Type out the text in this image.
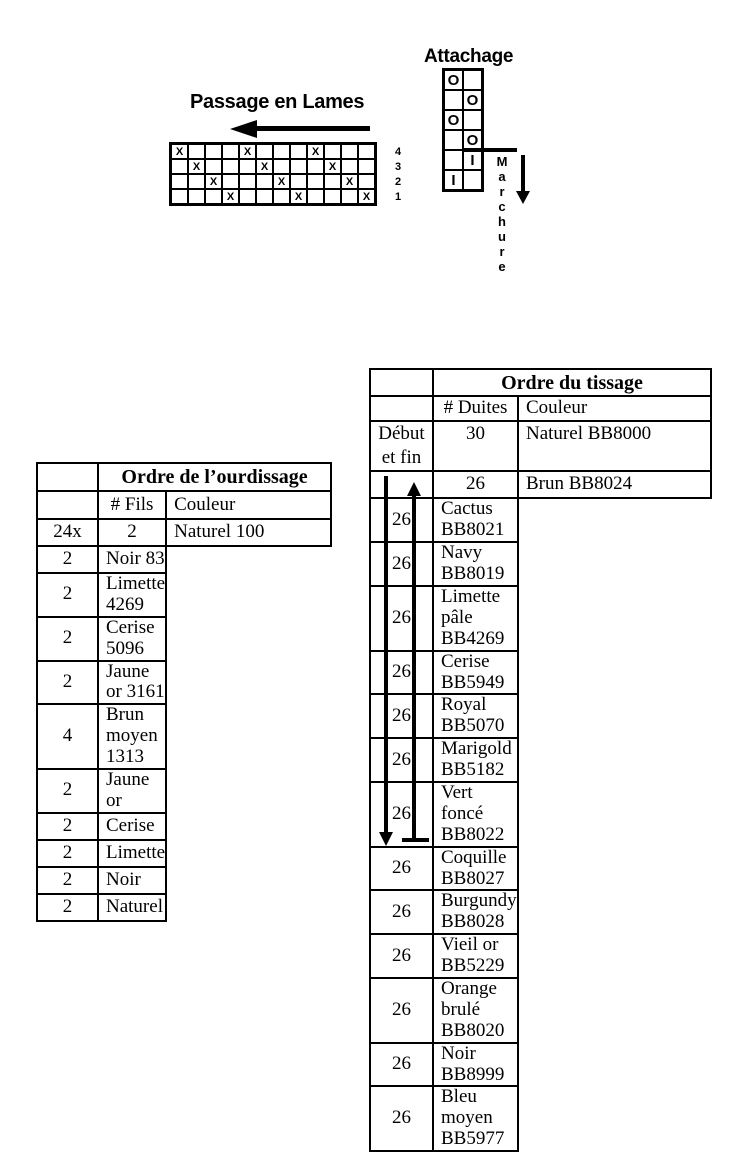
Passage en Lames
X	X	X
X	X	X
X	X	X
X	X	X
4
3
2
1
Attachage
O
O
O
O
I
I
M
a
r
c
h
u
r
e
	Ordre de l’ourdissage	
	# Fils	Couleur
24x	2	Naturel 100
2	Noir 83	
2	Limette 4269	
2	Cerise 5096	
2	Jaune or 3161	
4	Brun moyen 1313	
2	Jaune or	
2	Cerise	
2	Limette	
2	Noir	
2	Naturel	
	Ordre du tissage	
	# Duites	Couleur
Début et fin	30	Naturel BB8000

	26	Brun BB8024
26	Cactus BB8021	
26	Navy BB8019	
26	Limette pâle BB4269	
26	Cerise BB5949	
26	Royal BB5070	
26	Marigold BB5182	
26	Vert foncé BB8022	
26	Coquille BB8027	
26	Burgundy BB8028	
26	Vieil or BB5229	
26	Orange brulé BB8020	
26	Noir BB8999	
26	Bleu moyen BB5977	
